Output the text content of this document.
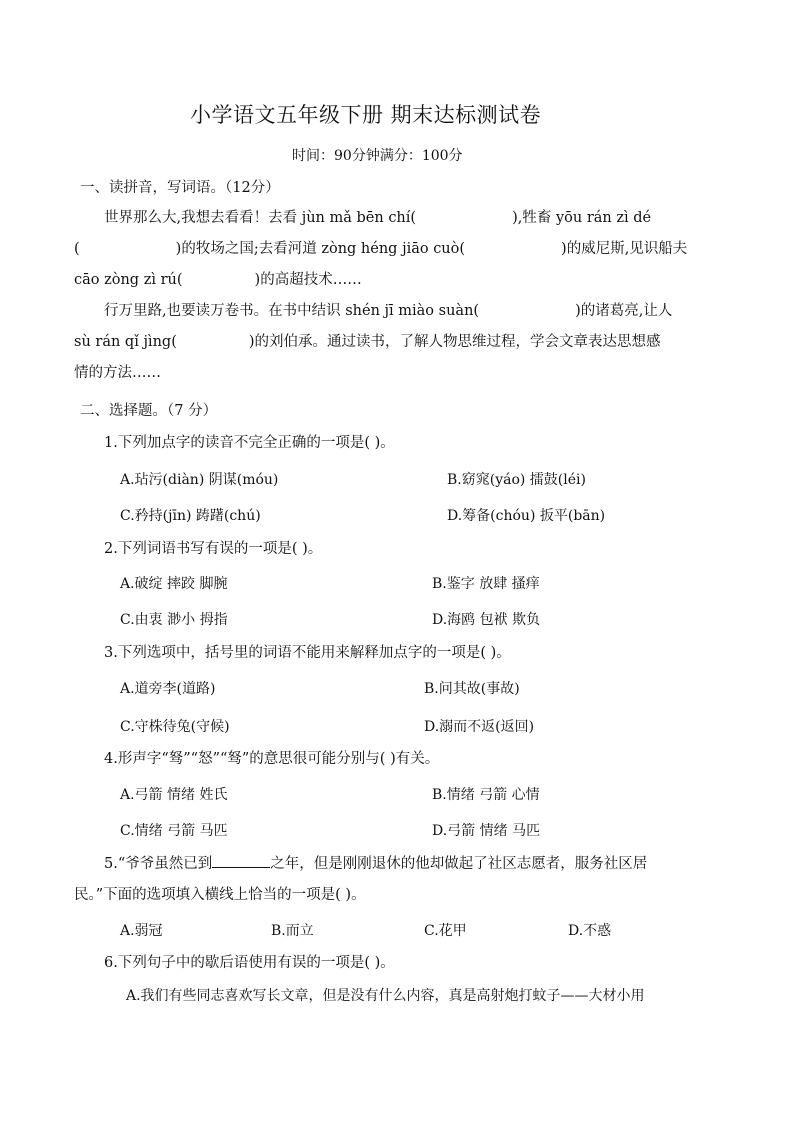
小学语文五年级下册 期末达标测试卷
时间：90分钟满分：100分
一、读拼音，写词语。（12分）
世界那么大,我想去看看！去看 jùn mǎ bēn chí(	),牲畜 yōu rán zì dé
(	)的牧场之国;去看河道 zòng héng jiāo cuò(	)的威尼斯,见识船夫
cāo zòng zì rú(	)的高超技术……
行万里路,也要读万卷书。在书中结识 shén jī miào suàn(	)的诸葛亮,让人
sù rán qǐ jìng(	)的刘伯承。通过读书，了解人物思维过程，学会文章表达思想感
情的方法……
二、选择题。（7 分）
1.下列加点字的读音不完全正确的一项是( )。
A.玷污(diàn) 阴谋(móu)	B.窈窕(yáo) 擂鼓(léi)
C.矜持(jīn) 踌躇(chú)	D.筹备(chóu) 扳平(bān)
2.下列词语书写有误的一项是( )。
A.破绽 摔跤 脚腕	B.鉴字 放肆 搔痒
C.由衷 渺小 拇指	D.海鸥 包袱 欺负
3.下列选项中，括号里的词语不能用来解释加点字的一项是( )。
A.道旁李(道路)	B.问其故(事故)
C.守株待兔(守候)	D.溺而不返(返回)
4.形声字“驽”“怒”“驽”的意思很可能分别与( )有关。
A.弓箭 情绪 姓氏	B.情绪 弓箭 心情
C.情绪 弓箭 马匹	D.弓箭 情绪 马匹
5.“爷爷虽然已到	之年，但是刚刚退休的他却做起了社区志愿者，服务社区居
民。”下面的选项填入横线上恰当的一项是( )。
A.弱冠	B.而立	C.花甲	D.不惑
6.下列句子中的歇后语使用有误的一项是( )。
A.我们有些同志喜欢写长文章，但是没有什么内容，真是高射炮打蚊子——大材小用
